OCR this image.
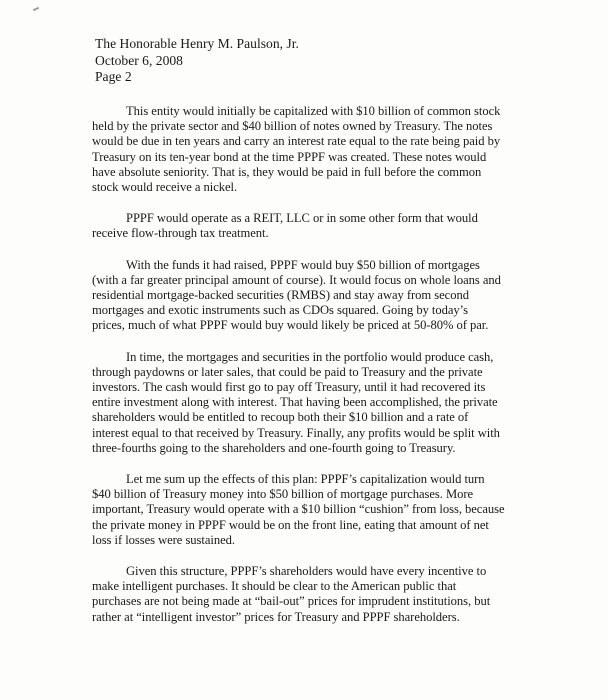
The Honorable Henry M. Paulson, Jr.
October 6, 2008
Page 2
This entity would initially be capitalized with $10 billion of common stock
held by the private sector and $40 billion of notes owned by Treasury. The notes
would be due in ten years and carry an interest rate equal to the rate being paid by
Treasury on its ten-year bond at the time PPPF was created. These notes would
have absolute seniority. That is, they would be paid in full before the common
stock would receive a nickel.
PPPF would operate as a REIT, LLC or in some other form that would
receive flow-through tax treatment.
With the funds it had raised, PPPF would buy $50 billion of mortgages
(with a far greater principal amount of course). It would focus on whole loans and
residential mortgage-backed securities (RMBS) and stay away from second
mortgages and exotic instruments such as CDOs squared. Going by today’s
prices, much of what PPPF would buy would likely be priced at 50-80% of par.
In time, the mortgages and securities in the portfolio would produce cash,
through paydowns or later sales, that could be paid to Treasury and the private
investors. The cash would first go to pay off Treasury, until it had recovered its
entire investment along with interest. That having been accomplished, the private
shareholders would be entitled to recoup both their $10 billion and a rate of
interest equal to that received by Treasury. Finally, any profits would be split with
three-fourths going to the shareholders and one-fourth going to Treasury.
Let me sum up the effects of this plan: PPPF’s capitalization would turn
$40 billion of Treasury money into $50 billion of mortgage purchases. More
important, Treasury would operate with a $10 billion “cushion” from loss, because
the private money in PPPF would be on the front line, eating that amount of net
loss if losses were sustained.
Given this structure, PPPF’s shareholders would have every incentive to
make intelligent purchases. It should be clear to the American public that
purchases are not being made at “bail-out” prices for imprudent institutions, but
rather at “intelligent investor” prices for Treasury and PPPF shareholders.
